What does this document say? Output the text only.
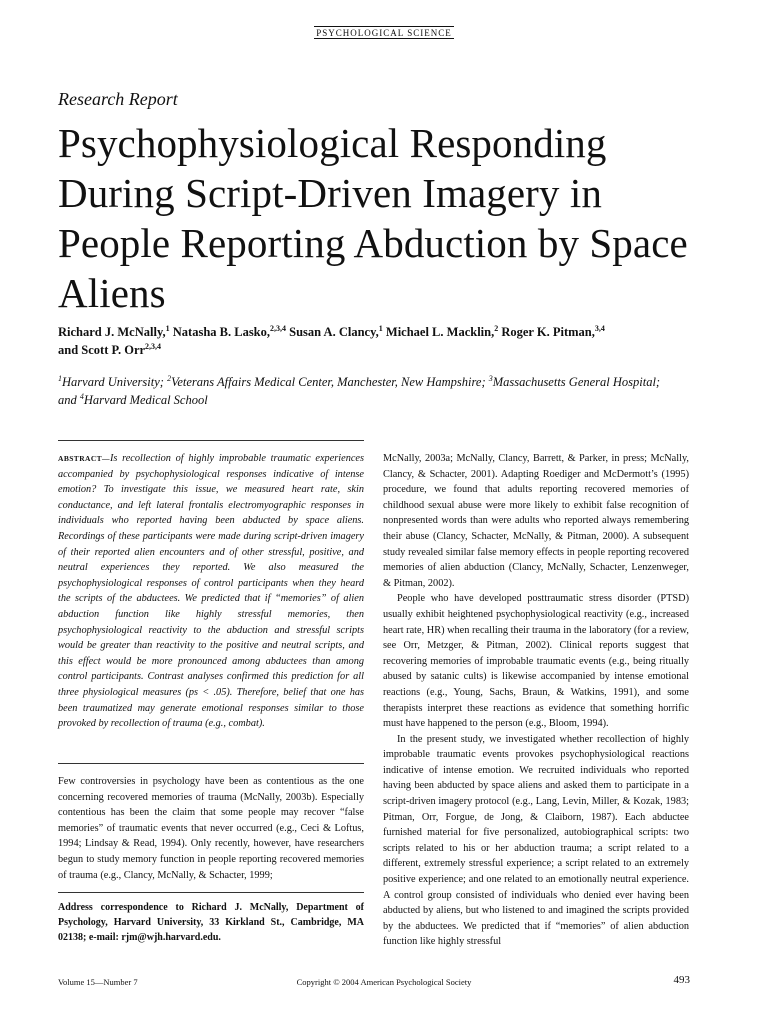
PSYCHOLOGICAL SCIENCE
Research Report
Psychophysiological Responding During Script-Driven Imagery in People Reporting Abduction by Space Aliens
Richard J. McNally,$^1$ Natasha B. Lasko,$^{2,3,4}$ Susan A. Clancy,$^1$ Michael L. Macklin,$^2$ Roger K. Pitman,$^{3,4}$
and Scott P. Orr$^{2,3,4}$
$^1$Harvard University; $^2$Veterans Affairs Medical Center, Manchester, New Hampshire; $^3$Massachusetts General Hospital;
and $^4$Harvard Medical School
ABSTRACT—Is recollection of highly improbable traumatic experiences accompanied by psychophysiological responses indicative of intense emotion? To investigate this issue, we measured heart rate, skin conductance, and left lateral frontalis electromyographic responses in individuals who reported having been abducted by space aliens. Recordings of these participants were made during script-driven imagery of their reported alien encounters and of other stressful, positive, and neutral experiences they reported. We also measured the psychophysiological responses of control participants when they heard the scripts of the abductees. We predicted that if “memories” of alien abduction function like highly stressful memories, then psychophysiological reactivity to the abduction and stressful scripts would be greater than reactivity to the positive and neutral scripts, and this effect would be more pronounced among abductees than among control participants. Contrast analyses confirmed this prediction for all three physiological measures (ps < .05). Therefore, belief that one has been traumatized may generate emotional responses similar to those provoked by recollection of trauma (e.g., combat).
Few controversies in psychology have been as contentious as the one concerning recovered memories of trauma (McNally, 2003b). Especially contentious has been the claim that some people may recover “false memories” of traumatic events that never occurred (e.g., Ceci & Loftus, 1994; Lindsay & Read, 1994). Only recently, however, have researchers begun to study memory function in people reporting recovered memories of trauma (e.g., Clancy, McNally, & Schacter, 1999;
Address correspondence to Richard J. McNally, Department of Psychology, Harvard University, 33 Kirkland St., Cambridge, MA 02138; e-mail: rjm@wjh.harvard.edu.

McNally, 2003a; McNally, Clancy, Barrett, & Parker, in press; McNally, Clancy, & Schacter, 2001). Adapting Roediger and McDermott’s (1995) procedure, we found that adults reporting recovered memories of childhood sexual abuse were more likely to exhibit false recognition of nonpresented words than were adults who reported always remembering their abuse (Clancy, Schacter, McNally, & Pitman, 2000). A subsequent study revealed similar false memory effects in people reporting recovered memories of alien abduction (Clancy, McNally, Schacter, Lenzenweger, & Pitman, 2002).

People who have developed posttraumatic stress disorder (PTSD) usually exhibit heightened psychophysiological reactivity (e.g., increased heart rate, HR) when recalling their trauma in the laboratory (for a review, see Orr, Metzger, & Pitman, 2002). Clinical reports suggest that recovering memories of improbable traumatic events (e.g., being ritually abused by satanic cults) is likewise accompanied by intense emotional reactions (e.g., Young, Sachs, Braun, & Watkins, 1991), and some therapists interpret these reactions as evidence that something horrific must have happened to the person (e.g., Bloom, 1994).

In the present study, we investigated whether recollection of highly improbable traumatic events provokes psychophysiological reactions indicative of intense emotion. We recruited individuals who reported having been abducted by space aliens and asked them to participate in a script-driven imagery protocol (e.g., Lang, Levin, Miller, & Kozak, 1983; Pitman, Orr, Forgue, de Jong, & Claiborn, 1987). Each abductee furnished material for five personalized, autobiographical scripts: two scripts related to his or her abduction trauma; a script related to a different, extremely stressful experience; a script related to an extremely positive experience; and one related to an emotionally neutral experience. A control group consisted of individuals who denied ever having been abducted by aliens, but who listened to and imagined the scripts provided by the abductees. We predicted that if “memories” of alien abduction function like highly stressful

Volume 15—Number 7	Copyright © 2004 American Psychological Society	493
